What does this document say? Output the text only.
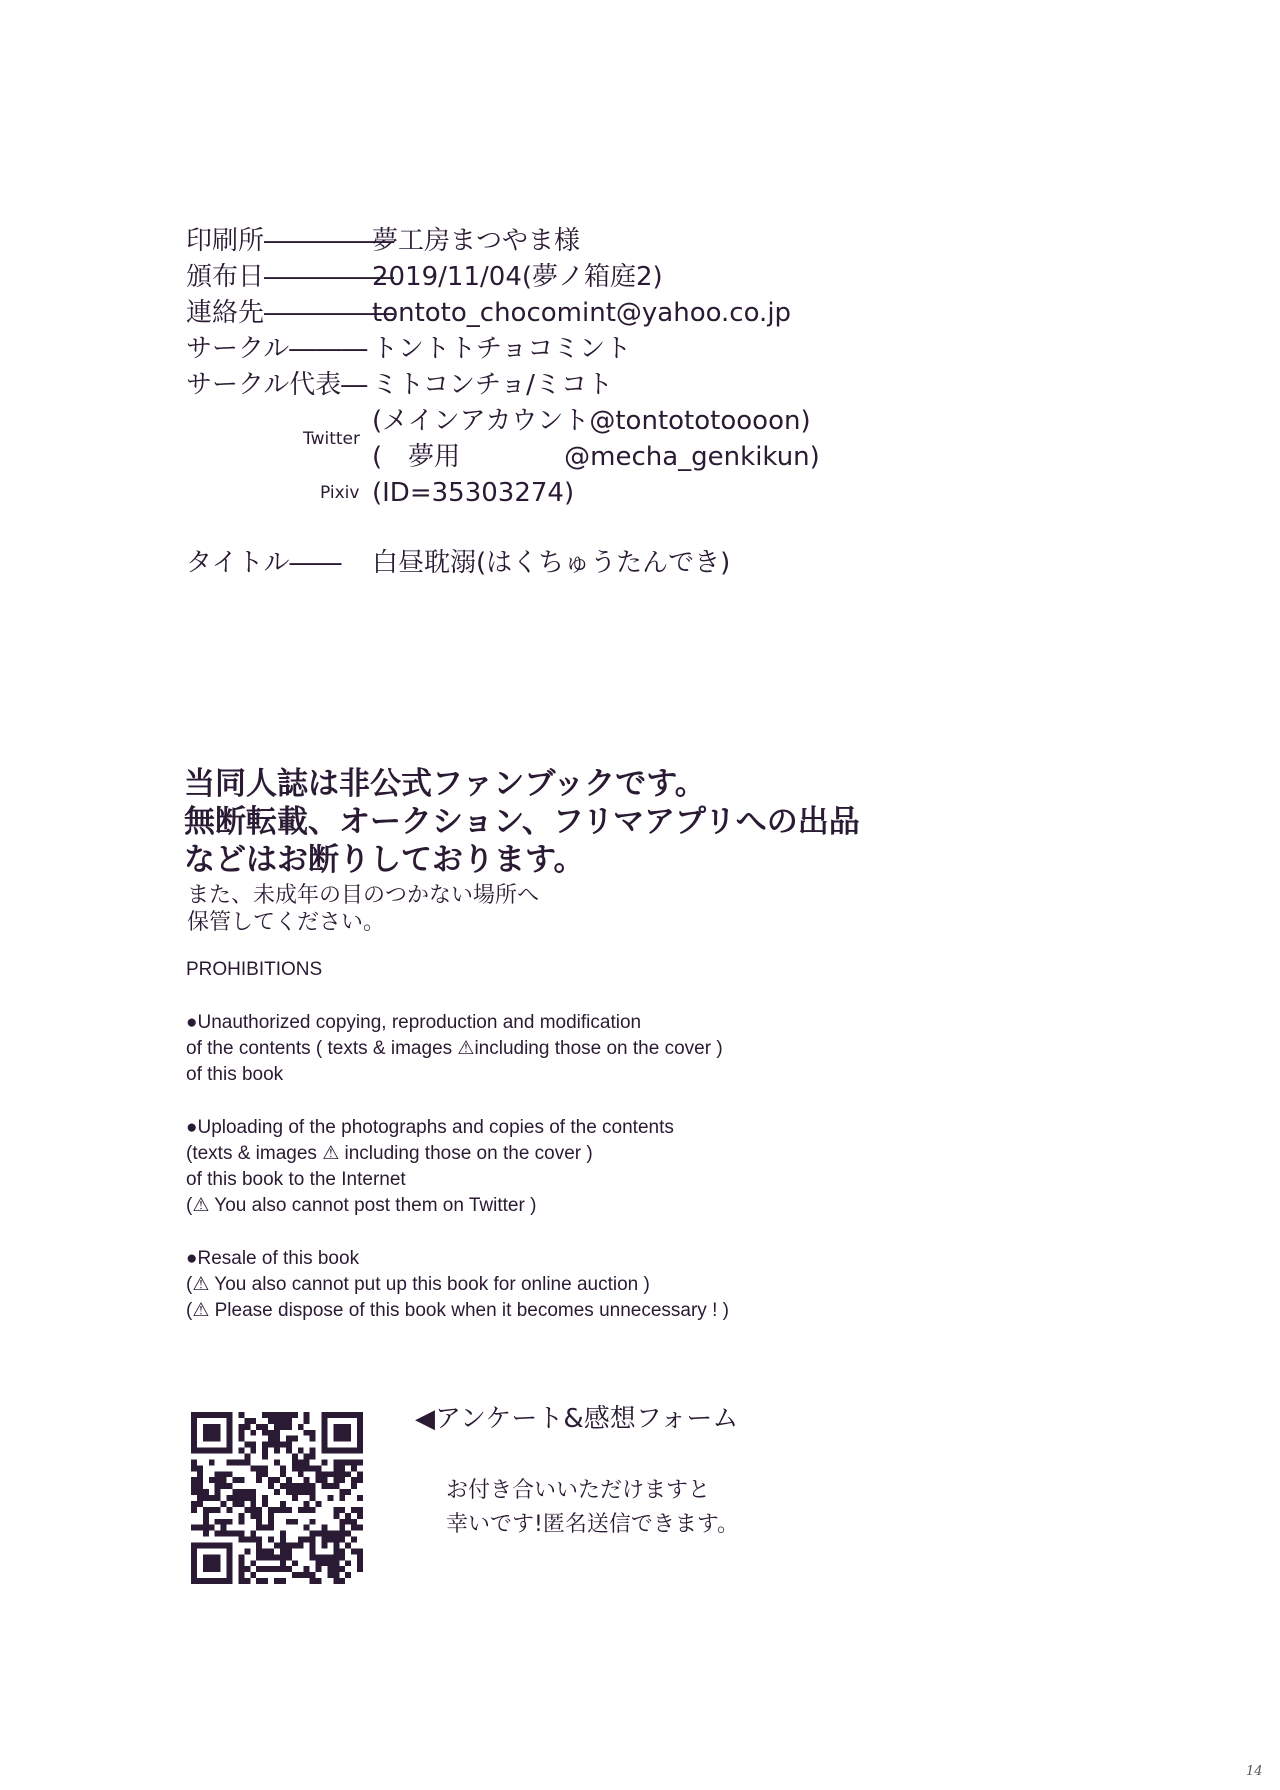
印刷所―――――
夢工房まつやま様
頒布日―――――
2019/11/04(夢ノ箱庭2)
連絡先―――――
tontoto_chocomint@yahoo.co.jp
サークル――― トントトチョコミント
サークル代表― ミトコンチョ/ミコト
Twitter
(メインアカウント@tontototoooon)
(　夢用　　　　@mecha_genkikun)
Pixiv (ID=35303274)
タイトル―― 白昼耽溺(はくちゅうたんでき)
当同人誌は非公式ファンブックです。
無断転載、オークション、フリマアプリへの出品
などはお断りしております。
また、未成年の目のつかない場所へ
保管してください。
PROHIBITIONS
●Unauthorized copying, reproduction and modification
of the contents ( texts & images ⚠including those on the cover )
of this book
●Uploading of the photographs and copies of the contents
(texts & images ⚠ including those on the cover )
of this book to the Internet
(⚠ You also cannot post them on Twitter )
●Resale of this book
(⚠ You also cannot put up this book for online auction )
(⚠ Please dispose of this book when it becomes unnecessary ! )
◀アンケート&感想フォーム
お付き合いいただけますと
幸いです!匿名送信できます。
14
